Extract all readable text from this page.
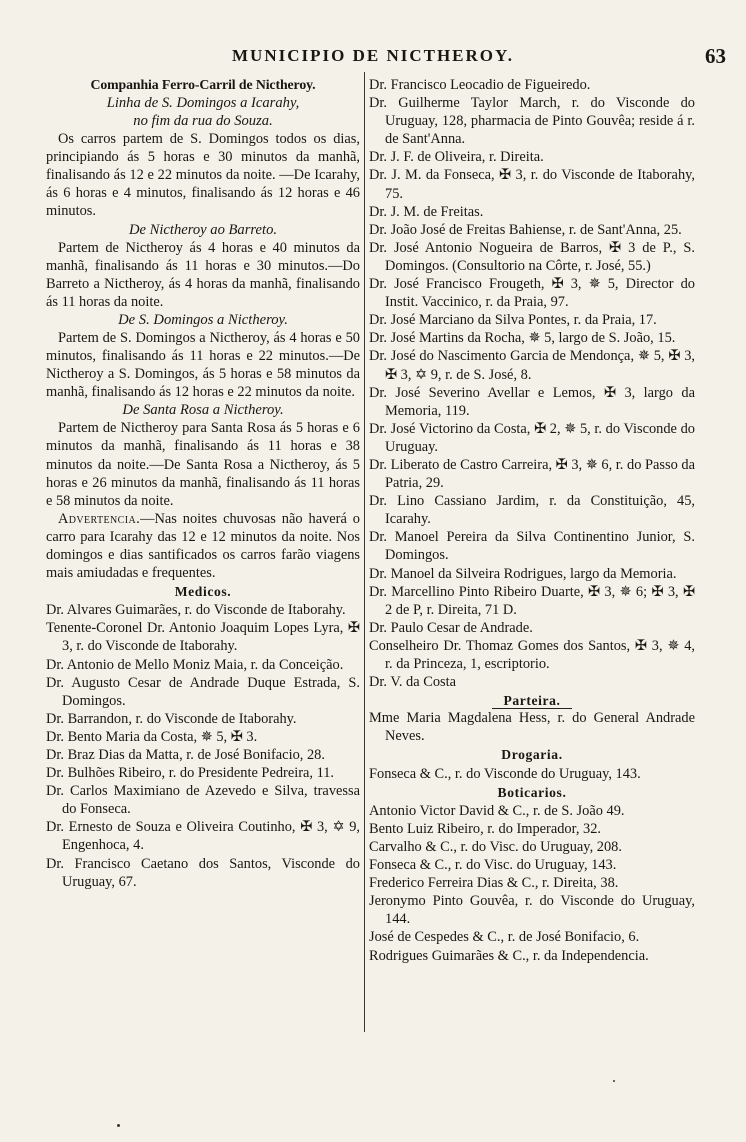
MUNICIPIO DE NICTHEROY.	63
Companhia Ferro-Carril de Nictheroy.
Linha de S. Domingos a Icarahy,
no fim da rua do Souza.
Os carros partem de S. Domingos todos os dias, principiando ás 5 horas e 30 minutos da manhã, finalisando ás 12 e 22 minutos da noite. —De Icarahy, ás 6 horas e 4 minutos, finalisando ás 12 horas e 46 minutos.
De Nictheroy ao Barreto.
Partem de Nictheroy ás 4 horas e 40 minutos da manhã, finalisando ás 11 horas e 30 minutos.—Do Barreto a Nictheroy, ás 4 horas da manhã, finalisando ás 11 horas da noite.
De S. Domingos a Nictheroy.
Partem de S. Domingos a Nictheroy, ás 4 horas e 50 minutos, finalisando ás 11 horas e 22 minutos.—De Nictheroy a S. Domingos, ás 5 horas e 58 minutos da manhã, finalisando ás 12 horas e 22 minutos da noite.
De Santa Rosa a Nictheroy.
Partem de Nictheroy para Santa Rosa ás 5 horas e 6 minutos da manhã, finalisando ás 11 horas e 38 minutos da noite.—De Santa Rosa a Nictheroy, ás 5 horas e 26 minutos da manhã, finalisando ás 11 horas e 58 minutos da noite.
Advertencia.—Nas noites chuvosas não haverá o carro para Icarahy das 12 e 12 minutos da noite. Nos domingos e dias santificados os carros farão viagens mais amiudadas e frequentes.
Medicos.
Dr. Alvares Guimarães, r. do Visconde de Itaborahy.
Tenente-Coronel Dr. Antonio Joaquim Lopes Lyra, ✠ 3, r. do Visconde de Itaborahy.
Dr. Antonio de Mello Moniz Maia, r. da Conceição.
Dr. Augusto Cesar de Andrade Duque Estrada, S. Domingos.
Dr. Barrandon, r. do Visconde de Itaborahy.
Dr. Bento Maria da Costa, ✵ 5, ✠ 3.
Dr. Braz Dias da Matta, r. de José Bonifacio, 28.
Dr. Bulhões Ribeiro, r. do Presidente Pedreira, 11.
Dr. Carlos Maximiano de Azevedo e Silva, travessa do Fonseca.
Dr. Ernesto de Souza e Oliveira Coutinho, ✠ 3, ✡ 9, Engenhoca, 4.
Dr. Francisco Caetano dos Santos, Visconde do Uruguay, 67.
Dr. Francisco Leocadio de Figueiredo.
Dr. Guilherme Taylor March, r. do Visconde do Uruguay, 128, pharmacia de Pinto Gouvêa; reside á r. de Sant'Anna.
Dr. J. F. de Oliveira, r. Direita.
Dr. J. M. da Fonseca, ✠ 3, r. do Visconde de Itaborahy, 75.
Dr. J. M. de Freitas.
Dr. João José de Freitas Bahiense, r. de Sant'Anna, 25.
Dr. José Antonio Nogueira de Barros, ✠ 3 de P., S. Domingos. (Consultorio na Côrte, r. José, 55.)
Dr. José Francisco Frougeth, ✠ 3, ✵ 5, Director do Instit. Vaccinico, r. da Praia, 97.
Dr. José Marciano da Silva Pontes, r. da Praia, 17.
Dr. José Martins da Rocha, ✵ 5, largo de S. João, 15.
Dr. José do Nascimento Garcia de Mendonça, ✵ 5, ✠ 3, ✠ 3, ✡ 9, r. de S. José, 8.
Dr. José Severino Avellar e Lemos, ✠ 3, largo da Memoria, 119.
Dr. José Victorino da Costa, ✠ 2, ✵ 5, r. do Visconde do Uruguay.
Dr. Liberato de Castro Carreira, ✠ 3, ✵ 6, r. do Passo da Patria, 29.
Dr. Lino Cassiano Jardim, r. da Constituição, 45, Icarahy.
Dr. Manoel Pereira da Silva Continentino Junior, S. Domingos.
Dr. Manoel da Silveira Rodrigues, largo da Memoria.
Dr. Marcellino Pinto Ribeiro Duarte, ✠ 3, ✵ 6; ✠ 3, ✠ 2 de P, r. Direita, 71 D.
Dr. Paulo Cesar de Andrade.
Conselheiro Dr. Thomaz Gomes dos Santos, ✠ 3, ✵ 4, r. da Princeza, 1, escriptorio.
Dr. V. da Costa
Parteira.
Mme Maria Magdalena Hess, r. do General Andrade Neves.
Drogaria.
Fonseca & C., r. do Visconde do Uruguay, 143.
Boticarios.
Antonio Victor David & C., r. de S. João 49.
Bento Luiz Ribeiro, r. do Imperador, 32.
Carvalho & C., r. do Visc. do Uruguay, 208.
Fonseca & C., r. do Visc. do Uruguay, 143.
Frederico Ferreira Dias & C., r. Direita, 38.
Jeronymo Pinto Gouvêa, r. do Visconde do Uruguay, 144.
José de Cespedes & C., r. de José Bonifacio, 6.
Rodrigues Guimarães & C., r. da Independencia.
